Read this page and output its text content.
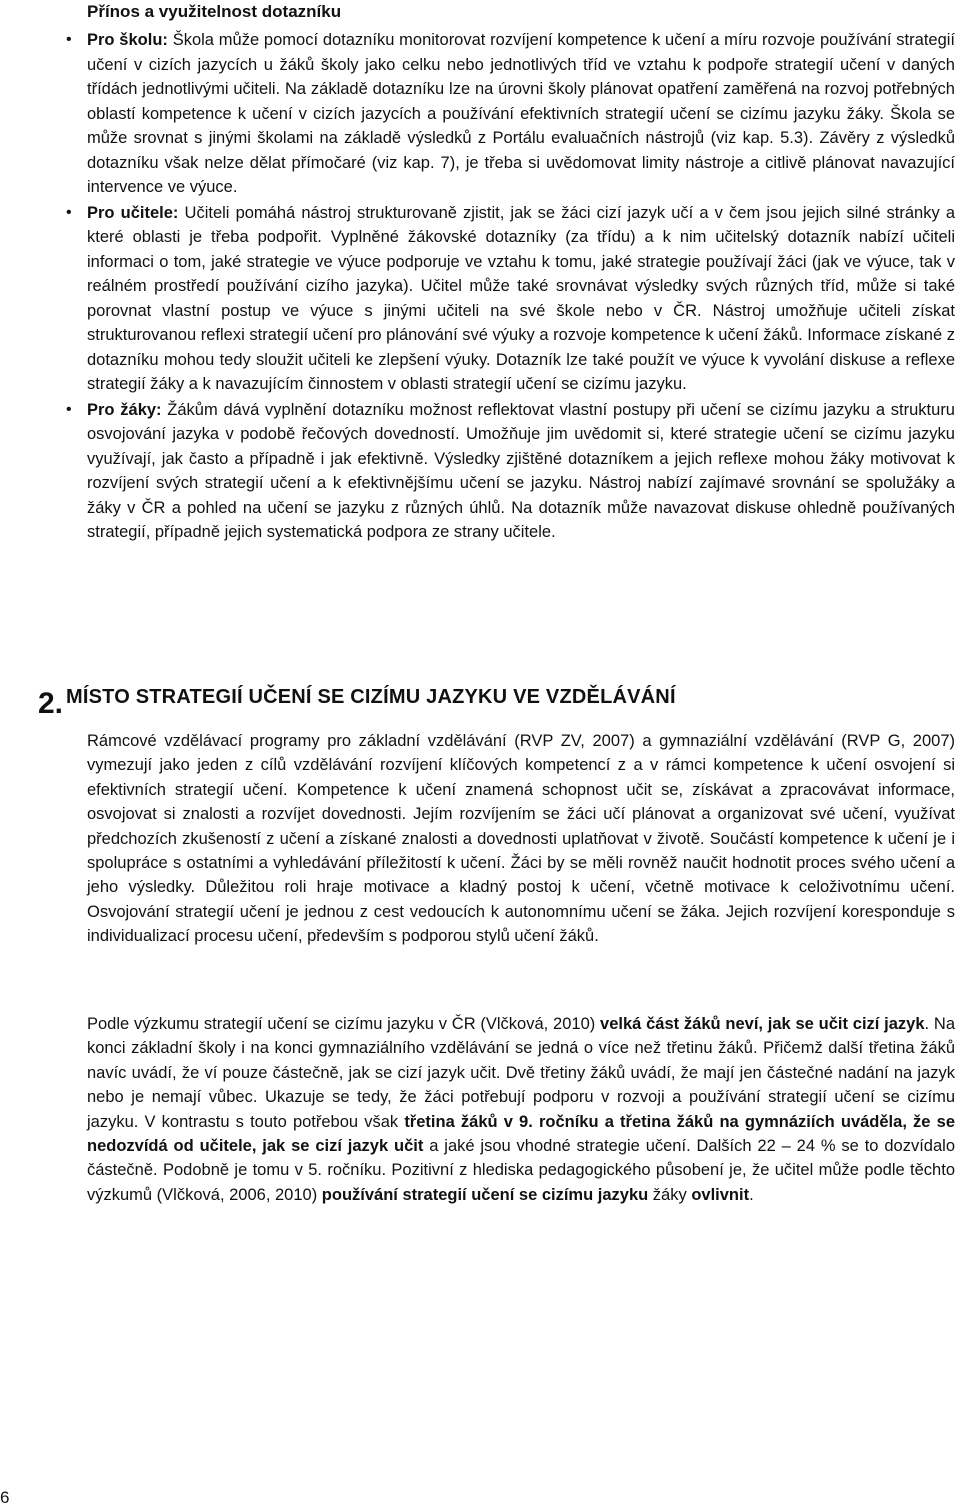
Přínos a využitelnost dotazníku
• Pro školu: Škola může pomocí dotazníku monitorovat rozvíjení kompetence k učení a míru rozvoje používání strategií učení v cizích jazycích u žáků školy jako celku nebo jednotlivých tříd ve vztahu k podpoře strategií učení v daných třídách jednotlivými učiteli. Na základě dotazníku lze na úrovni školy plánovat opatření zaměřená na rozvoj potřebných oblastí kompetence k učení v cizích jazycích a používání efektivních strategií učení se cizímu jazyku žáky. Škola se může srovnat s jinými školami na základě výsledků z Portálu evaluačních nástrojů (viz kap. 5.3). Závěry z výsledků dotazníku však nelze dělat přímočaré (viz kap. 7), je třeba si uvědomovat limity nástroje a citlivě plánovat navazující intervence ve výuce.
• Pro učitele: Učiteli pomáhá nástroj strukturovaně zjistit, jak se žáci cizí jazyk učí a v čem jsou jejich silné stránky a které oblasti je třeba podpořit. Vyplněné žákovské dotazníky (za třídu) a k nim učitelský dotazník nabízí učiteli informaci o tom, jaké strategie ve výuce podporuje ve vztahu k tomu, jaké strategie používají žáci (jak ve výuce, tak v reálném prostředí používání cizího jazyka). Učitel může také srovnávat výsledky svých různých tříd, může si také porovnat vlastní postup ve výuce s jinými učiteli na své škole nebo v ČR. Nástroj umožňuje učiteli získat strukturovanou reflexi strategií učení pro plánování své výuky a rozvoje kompetence k učení žáků. Informace získané z dotazníku mohou tedy sloužit učiteli ke zlepšení výuky. Dotazník lze také použít ve výuce k vyvolání diskuse a reflexe strategií žáky a k navazujícím činnostem v oblasti strategií učení se cizímu jazyku.
• Pro žáky: Žákům dává vyplnění dotazníku možnost reflektovat vlastní postupy při učení se cizímu jazyku a strukturu osvojování jazyka v podobě řečových dovedností. Umožňuje jim uvědomit si, které strategie učení se cizímu jazyku využívají, jak často a případně i jak efektivně. Výsledky zjištěné dotazníkem a jejich reflexe mohou žáky motivovat k rozvíjení svých strategií učení a k efektivnějšímu učení se jazyku. Nástroj nabízí zajímavé srovnání se spolužáky a žáky v ČR a pohled na učení se jazyku z různých úhlů. Na dotazník může navazovat diskuse ohledně používaných strategií, případně jejich systematická podpora ze strany učitele.
2. MÍSTO STRATEGIÍ UČENÍ SE CIZÍMU JAZYKU VE VZDĚLÁVÁNÍ

Rámcové vzdělávací programy pro základní vzdělávání (RVP ZV, 2007) a gymnaziální vzdělávání (RVP G, 2007) vymezují jako jeden z cílů vzdělávání rozvíjení klíčových kompetencí z a v rámci kompetence k učení osvojení si efektivních strategií učení. Kompetence k učení znamená schopnost učit se, získávat a zpracovávat informace, osvojovat si znalosti a rozvíjet dovednosti. Jejím rozvíjením se žáci učí plánovat a organizovat své učení, využívat předchozích zkušeností z učení a získané znalosti a dovednosti uplatňovat v životě. Součástí kompetence k učení je i spolupráce s ostatními a vyhledávání příležitostí k učení. Žáci by se měli rovněž naučit hodnotit proces svého učení a jeho výsledky. Důležitou roli hraje motivace a kladný postoj k učení, včetně motivace k celoživotnímu učení. Osvojování strategií učení je jednou z cest vedoucích k autonomnímu učení se žáka. Jejich rozvíjení koresponduje s individualizací procesu učení, především s podporou stylů učení žáků.

Podle výzkumu strategií učení se cizímu jazyku v ČR (Vlčková, 2010) velká část žáků neví, jak se učit cizí jazyk. Na konci základní školy i na konci gymnaziálního vzdělávání se jedná o více než třetinu žáků. Přičemž další třetina žáků navíc uvádí, že ví pouze částečně, jak se cizí jazyk učit. Dvě třetiny žáků uvádí, že mají jen částečné nadání na jazyk nebo je nemají vůbec. Ukazuje se tedy, že žáci potřebují podporu v rozvoji a používání strategií učení se cizímu jazyku. V kontrastu s touto potřebou však třetina žáků v 9. ročníku a třetina žáků na gymnáziích uváděla, že se nedozvídá od učitele, jak se cizí jazyk učit a jaké jsou vhodné strategie učení. Dalších 22 – 24 % se to dozvídalo částečně. Podobně je tomu v 5. ročníku. Pozitivní z hlediska pedagogického působení je, že učitel může podle těchto výzkumů (Vlčková, 2006, 2010) používání strategií učení se cizímu jazyku žáky ovlivnit.

6
